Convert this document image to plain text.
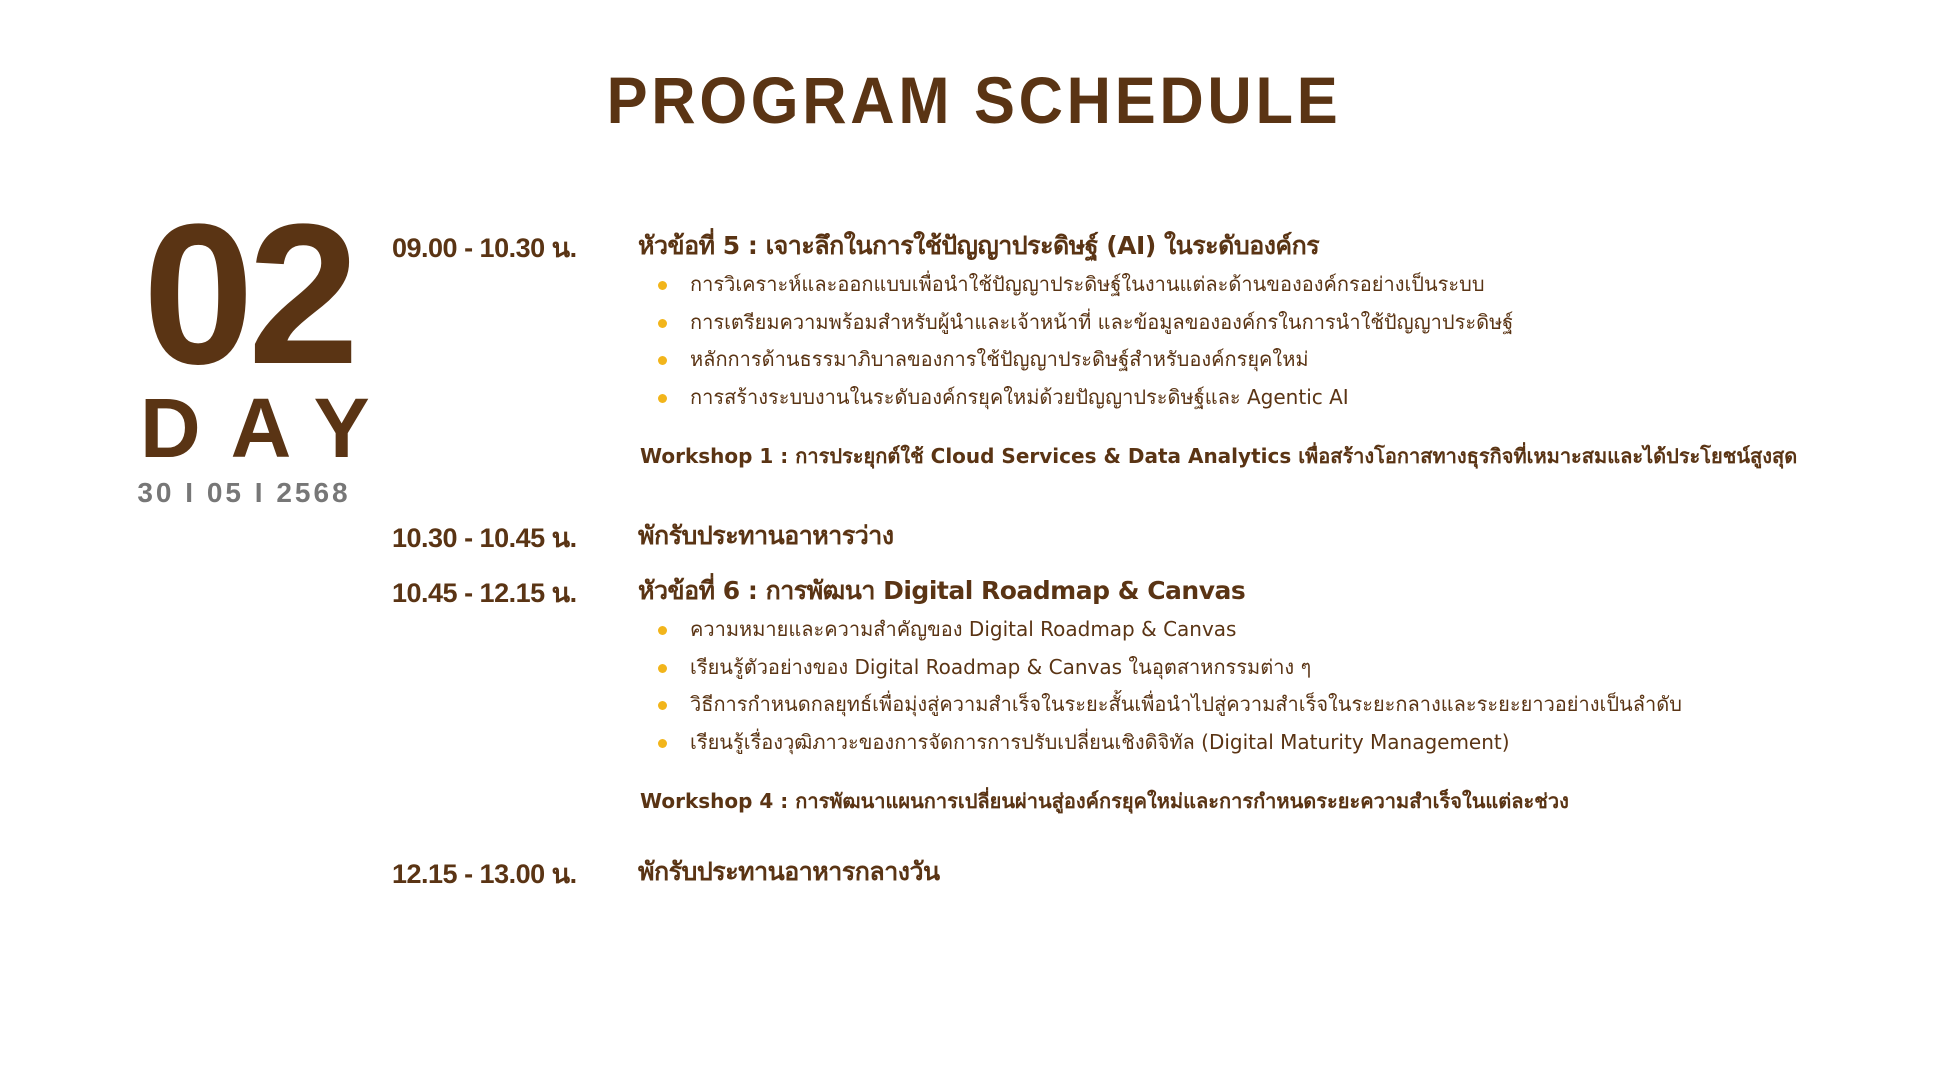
PROGRAM SCHEDULE
02
DAY
30 I 05 I 2568
09.00 - 10.30 น.	หัวข้อที่ 5 : เจาะลึกในการใช้ปัญญาประดิษฐ์ (AI) ในระดับองค์กร
การวิเคราะห์และออกแบบเพื่อนำใช้ปัญญาประดิษฐ์ในงานแต่ละด้านขององค์กรอย่างเป็นระบบ
การเตรียมความพร้อมสำหรับผู้นำและเจ้าหน้าที่ และข้อมูลขององค์กรในการนำใช้ปัญญาประดิษฐ์
หลักการด้านธรรมาภิบาลของการใช้ปัญญาประดิษฐ์สำหรับองค์กรยุคใหม่
การสร้างระบบงานในระดับองค์กรยุคใหม่ด้วยปัญญาประดิษฐ์และ Agentic AI
Workshop 1 : การประยุกต์ใช้ Cloud Services & Data Analytics เพื่อสร้างโอกาสทางธุรกิจที่เหมาะสมและได้ประโยชน์สูงสุด
10.30 - 10.45 น.	พักรับประทานอาหารว่าง
10.45 - 12.15 น.	หัวข้อที่ 6 : การพัฒนา Digital Roadmap & Canvas
ความหมายและความสำคัญของ Digital Roadmap & Canvas
เรียนรู้ตัวอย่างของ Digital Roadmap & Canvas ในอุตสาหกรรมต่าง ๆ
วิธีการกำหนดกลยุทธ์เพื่อมุ่งสู่ความสำเร็จในระยะสั้นเพื่อนำไปสู่ความสำเร็จในระยะกลางและระยะยาวอย่างเป็นลำดับ
เรียนรู้เรื่องวุฒิภาวะของการจัดการการปรับเปลี่ยนเชิงดิจิทัล (Digital Maturity Management)
Workshop 4 : การพัฒนาแผนการเปลี่ยนผ่านสู่องค์กรยุคใหม่และการกำหนดระยะความสำเร็จในแต่ละช่วง
12.15 - 13.00 น.	พักรับประทานอาหารกลางวัน
